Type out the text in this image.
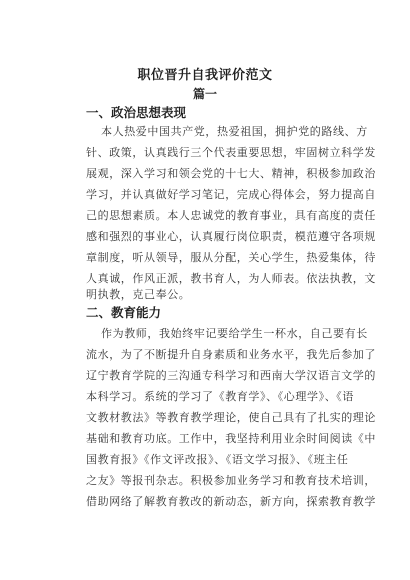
职位晋升自我评价范文
篇一
一、政治思想表现
本人热爱中国共产党，热爱祖国，拥护党的路线、方
针、政策，认真践行三个代表重要思想，牢固树立科学发
展观，深入学习和领会党的十七大、精神，积极参加政治
学习，并认真做好学习笔记，完成心得体会，努力提高自
己的思想素质。本人忠诚党的教育事业，具有高度的责任
感和强烈的事业心，认真履行岗位职责，模范遵守各项规
章制度，听从领导，服从分配，关心学生，热爱集体，待
人真诚，作风正派，教书育人，为人师表。依法执教，文
明执教，克己奉公。
二、教育能力
作为教师，我始终牢记要给学生一杯水，自己要有长
流水，为了不断提升自身素质和业务水平，我先后参加了
辽宁教育学院的三沟通专科学习和西南大学汉语言文学的
本科学习。系统的学习了《教育学》、《心理学》、《语
文教材教法》等教育教学理论，使自己具有了扎实的理论
基础和教育功底。工作中，我坚持利用业余时间阅读《中
国教育报》《作文评改报》、《语文学习报》、《班主任
之友》等报刊杂志。积极参加业务学习和教育技术培训，
借助网络了解教育教改的新动态，新方向，探索教育教学
